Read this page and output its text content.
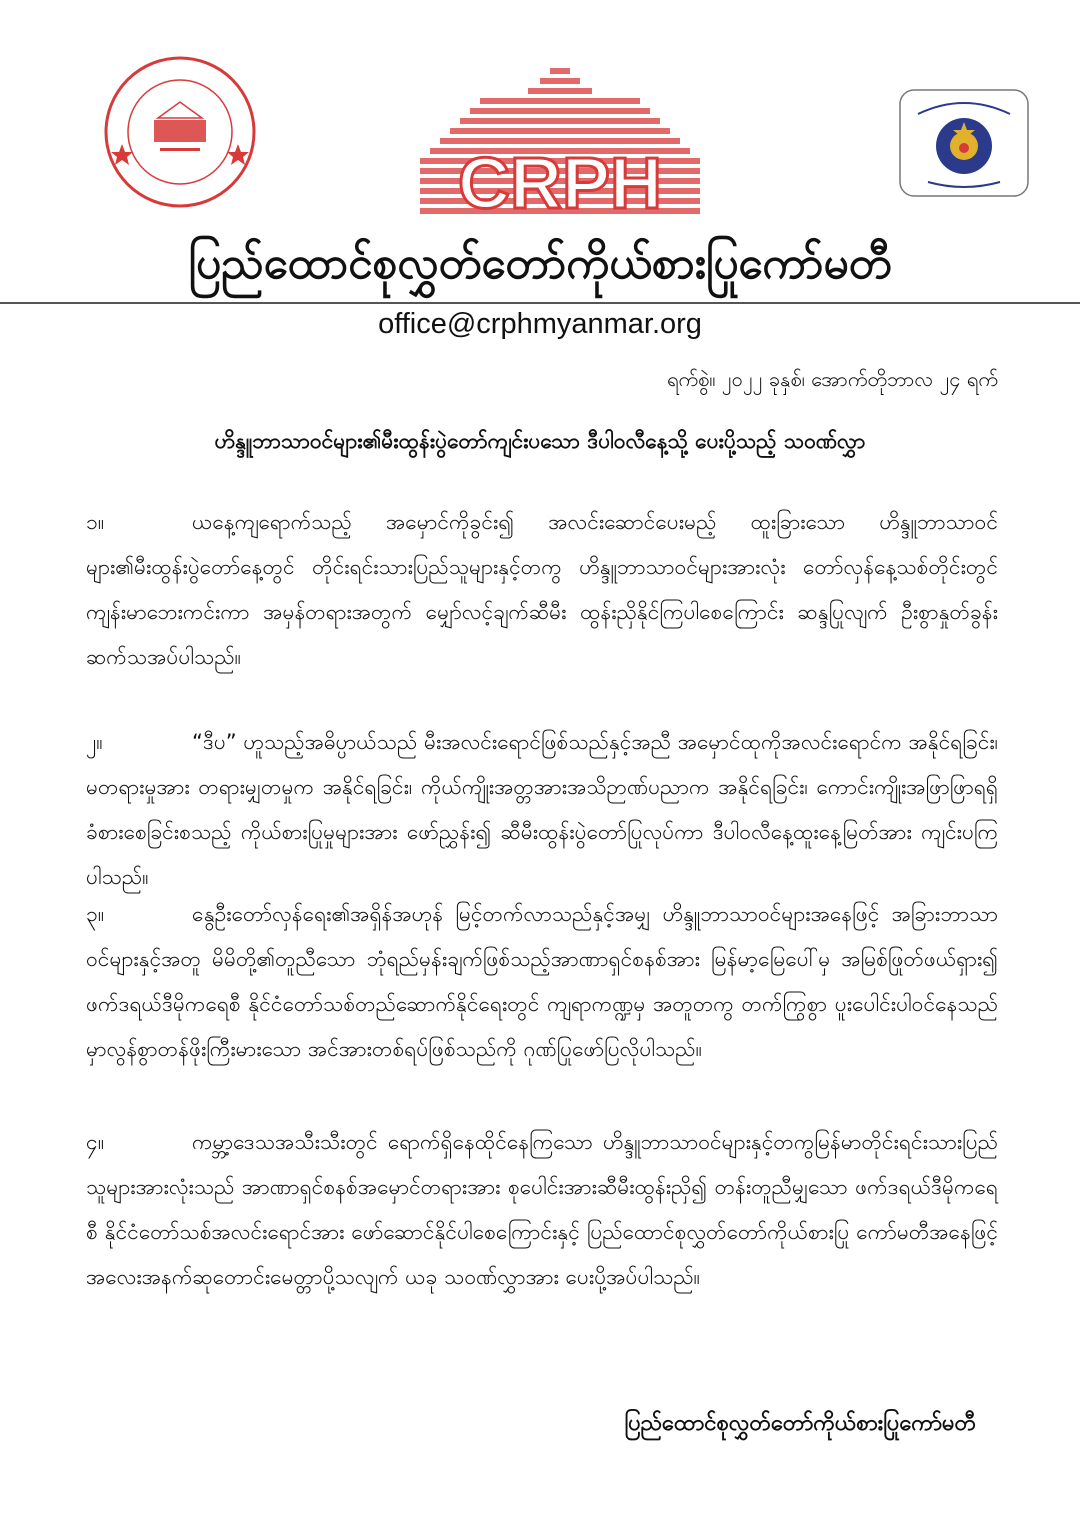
CRPH
ပြည်ထောင်စုလွှတ်တော်ကိုယ်စားပြုကော်မတီ
office@crphmyanmar.org
ရက်စွဲ။ ၂၀၂၂ ခုနှစ်၊ အောက်တိုဘာလ ၂၄ ရက်
ဟိန္ဒူဘာသာဝင်များ၏မီးထွန်းပွဲတော်ကျင်းပသော ဒီပါဝလီနေ့သို့ ပေးပို့သည့် သဝဏ်လွှာ
၁။	ယနေ့ကျရောက်သည့် အမှောင်ကိုခွင်း၍ အလင်းဆောင်ပေးမည့် ထူးခြားသော ဟိန္ဒူဘာသာဝင်များ၏မီးထွန်းပွဲတော်နေ့တွင် တိုင်းရင်းသားပြည်သူများနှင့်တကွ ဟိန္ဒူဘာသာဝင်များအားလုံး တော်လှန်နေ့သစ်တိုင်းတွင် ကျန်းမာဘေးကင်းကာ အမှန်တရားအတွက် မျှော်လင့်ချက်ဆီမီး ထွန်းညှိနိုင်ကြပါစေကြောင်း ဆန္ဒပြုလျက် ဦးစွာနှုတ်ခွန်း ဆက်သအပ်ပါသည်။
၂။	“ဒီပ” ဟူသည့်အဓိပ္ပာယ်သည် မီးအလင်းရောင်ဖြစ်သည်နှင့်အညီ အမှောင်ထုကိုအလင်းရောင်က အနိုင်ရခြင်း၊ မတရားမှုအား တရားမျှတမှုက အနိုင်ရခြင်း၊ ကိုယ်ကျိုးအတ္တအားအသိဉာဏ်ပညာက အနိုင်ရခြင်း၊ ကောင်းကျိုးအဖြာဖြာရရှိခံစားစေခြင်းစသည့် ကိုယ်စားပြုမှုများအား ဖော်ညွှန်း၍ ဆီမီးထွန်းပွဲတော်ပြုလုပ်ကာ ဒီပါဝလီနေ့ထူးနေ့မြတ်အား ကျင်းပကြပါသည်။
၃။	နွေဦးတော်လှန်ရေး၏အရှိန်အဟုန် မြင့်တက်လာသည်နှင့်အမျှ ဟိန္ဒူဘာသာဝင်များအနေဖြင့် အခြားဘာသာဝင်များနှင့်အတူ မိမိတို့၏တူညီသော ဘုံရည်မှန်းချက်ဖြစ်သည့်အာဏာရှင်စနစ်အား မြန်မာ့မြေပေါ်မှ အမြစ်ဖြုတ်ဖယ်ရှား၍ ဖက်ဒရယ်ဒီမိုကရေစီ နိုင်ငံတော်သစ်တည်ဆောက်နိုင်ရေးတွင် ကျရာကဏ္ဍမှ အတူတကွ တက်ကြွစွာ ပူးပေါင်းပါဝင်နေသည်မှာလွန်စွာတန်ဖိုးကြီးမားသော အင်အားတစ်ရပ်ဖြစ်သည်ကို ဂုဏ်ပြုဖော်ပြလိုပါသည်။
၄။	ကမ္ဘာ့ဒေသအသီးသီးတွင် ရောက်ရှိနေထိုင်နေကြသော ဟိန္ဒူဘာသာဝင်များနှင့်တကွမြန်မာတိုင်းရင်းသားပြည်သူများအားလုံးသည် အာဏာရှင်စနစ်အမှောင်တရားအား စုပေါင်းအားဆီမီးထွန်းညှိ၍ တန်းတူညီမျှသော ဖက်ဒရယ်ဒီမိုကရေစီ နိုင်ငံတော်သစ်အလင်းရောင်အား ဖော်ဆောင်နိုင်ပါစေကြောင်းနှင့် ပြည်ထောင်စုလွှတ်တော်ကိုယ်စားပြု ကော်မတီအနေဖြင့် အလေးအနက်ဆုတောင်းမေတ္တာပို့သလျက် ယခု သဝဏ်လွှာအား ပေးပို့အပ်ပါသည်။
ပြည်ထောင်စုလွှတ်တော်ကိုယ်စားပြုကော်မတီ
